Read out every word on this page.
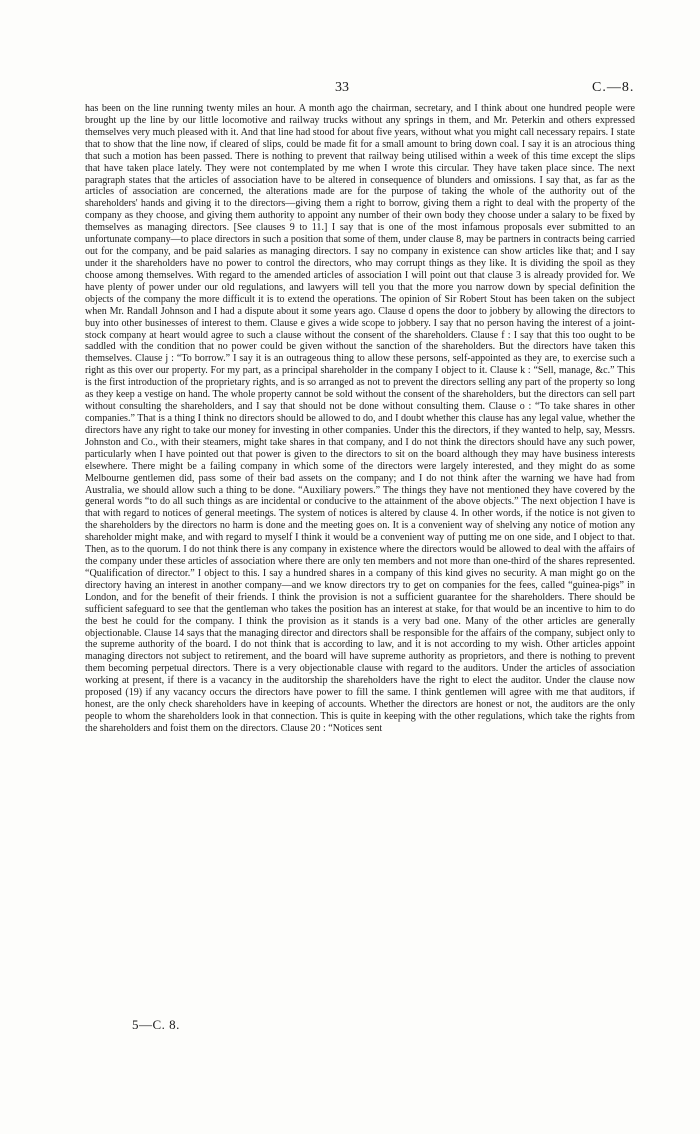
33	C.—8.

has been on the line running twenty miles an hour. A month ago the chairman, secretary, and I think about one hundred people were brought up the line by our little locomotive and railway trucks without any springs in them, and Mr. Peterkin and others expressed themselves very much pleased with it. And that line had stood for about five years, without what you might call necessary repairs. I state that to show that the line now, if cleared of slips, could be made fit for a small amount to bring down coal. I say it is an atrocious thing that such a motion has been passed. There is nothing to prevent that railway being utilised within a week of this time except the slips that have taken place lately. They were not contemplated by me when I wrote this circular. They have taken place since. The next paragraph states that the articles of association have to be altered in consequence of blunders and omissions. I say that, as far as the articles of association are concerned, the alterations made are for the purpose of taking the whole of the authority out of the shareholders' hands and giving it to the directors—giving them a right to borrow, giving them a right to deal with the property of the company as they choose, and giving them authority to appoint any number of their own body they choose under a salary to be fixed by themselves as managing directors. [See clauses 9 to 11.] I say that is one of the most infamous proposals ever submitted to an unfortunate company—to place directors in such a position that some of them, under clause 8, may be partners in contracts being carried out for the company, and be paid salaries as managing directors. I say no company in existence can show articles like that; and I say under it the shareholders have no power to control the directors, who may corrupt things as they like. It is dividing the spoil as they choose among themselves. With regard to the amended articles of association I will point out that clause 3 is already provided for. We have plenty of power under our old regulations, and lawyers will tell you that the more you narrow down by special definition the objects of the company the more difficult it is to extend the operations. The opinion of Sir Robert Stout has been taken on the subject when Mr. Randall Johnson and I had a dispute about it some years ago. Clause d opens the door to jobbery by allowing the directors to buy into other businesses of interest to them. Clause e gives a wide scope to jobbery. I say that no person having the interest of a joint-stock company at heart would agree to such a clause without the consent of the shareholders. Clause f : I say that this too ought to be saddled with the condition that no power could be given without the sanction of the shareholders. But the directors have taken this themselves. Clause j : “To borrow.” I say it is an outrageous thing to allow these persons, self-appointed as they are, to exercise such a right as this over our property. For my part, as a principal shareholder in the company I object to it. Clause k : “Sell, manage, &c.” This is the first introduction of the proprietary rights, and is so arranged as not to prevent the directors selling any part of the property so long as they keep a vestige on hand. The whole property cannot be sold without the consent of the shareholders, but the directors can sell part without consulting the shareholders, and I say that should not be done without consulting them. Clause o : “To take shares in other companies.” That is a thing I think no directors should be allowed to do, and I doubt whether this clause has any legal value, whether the directors have any right to take our money for investing in other companies. Under this the directors, if they wanted to help, say, Messrs. Johnston and Co., with their steamers, might take shares in that company, and I do not think the directors should have any such power, particularly when I have pointed out that power is given to the directors to sit on the board although they may have business interests elsewhere. There might be a failing company in which some of the directors were largely interested, and they might do as some Melbourne gentlemen did, pass some of their bad assets on the company; and I do not think after the warning we have had from Australia, we should allow such a thing to be done. “Auxiliary powers.” The things they have not mentioned they have covered by the general words “to do all such things as are incidental or conducive to the attainment of the above objects.” The next objection I have is that with regard to notices of general meetings. The system of notices is altered by clause 4. In other words, if the notice is not given to the shareholders by the directors no harm is done and the meeting goes on. It is a convenient way of shelving any notice of motion any shareholder might make, and with regard to myself I think it would be a convenient way of putting me on one side, and I object to that. Then, as to the quorum. I do not think there is any company in existence where the directors would be allowed to deal with the affairs of the company under these articles of association where there are only ten members and not more than one-third of the shares represented. “Qualification of director.” I object to this. I say a hundred shares in a company of this kind gives no security. A man might go on the directory having an interest in another company—and we know directors try to get on companies for the fees, called “guinea-pigs” in London, and for the benefit of their friends. I think the provision is not a sufficient guarantee for the shareholders. There should be sufficient safeguard to see that the gentleman who takes the position has an interest at stake, for that would be an incentive to him to do the best he could for the company. I think the provision as it stands is a very bad one. Many of the other articles are generally objectionable. Clause 14 says that the managing director and directors shall be responsible for the affairs of the company, subject only to the supreme authority of the board. I do not think that is according to law, and it is not according to my wish. Other articles appoint managing directors not subject to retirement, and the board will have supreme authority as proprietors, and there is nothing to prevent them becoming perpetual directors. There is a very objectionable clause with regard to the auditors. Under the articles of association working at present, if there is a vacancy in the auditorship the shareholders have the right to elect the auditor. Under the clause now proposed (19) if any vacancy occurs the directors have power to fill the same. I think gentlemen will agree with me that auditors, if honest, are the only check shareholders have in keeping of accounts. Whether the directors are honest or not, the auditors are the only people to whom the shareholders look in that connection. This is quite in keeping with the other regulations, which take the rights from the shareholders and foist them on the directors. Clause 20 : “Notices sent

5—C. 8.
